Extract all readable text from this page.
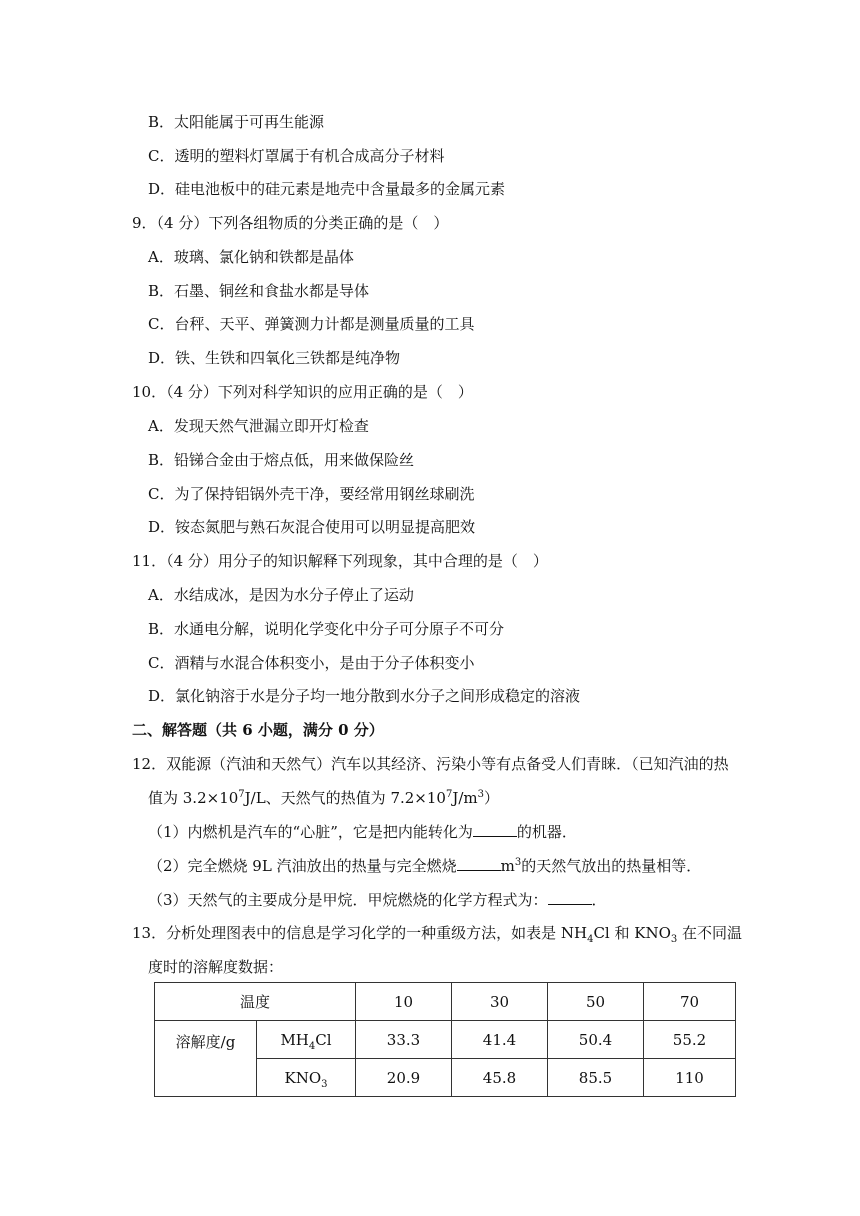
B．太阳能属于可再生能源
C．透明的塑料灯罩属于有机合成高分子材料
D．硅电池板中的硅元素是地壳中含量最多的金属元素
9．（4 分）下列各组物质的分类正确的是（　）
A．玻璃、氯化钠和铁都是晶体
B．石墨、铜丝和食盐水都是导体
C．台秤、天平、弹簧测力计都是测量质量的工具
D．铁、生铁和四氧化三铁都是纯净物
10．（4 分）下列对科学知识的应用正确的是（　）
A．发现天然气泄漏立即开灯检查
B．铅锑合金由于熔点低，用来做保险丝
C．为了保持铝锅外壳干净，要经常用钢丝球刷洗
D．铵态氮肥与熟石灰混合使用可以明显提高肥效
11．（4 分）用分子的知识解释下列现象，其中合理的是（　）
A．水结成冰，是因为水分子停止了运动
B．水通电分解，说明化学变化中分子可分原子不可分
C．酒精与水混合体积变小，是由于分子体积变小
D．氯化钠溶于水是分子均一地分散到水分子之间形成稳定的溶液
二、解答题（共 6 小题，满分 0 分）
12．双能源（汽油和天然气）汽车以其经济、污染小等有点备受人们青睐．（已知汽油的热
值为 $3.2\times 10^7J/L$、天然气的热值为 $7.2\times 10^7J/m^3$）
（1）内燃机是汽车的“心脏”，它是把内能转化为	的机器．
（2）完全燃烧 9L 汽油放出的热量与完全燃烧	$m^3$的天然气放出的热量相等．
（3）天然气的主要成分是甲烷．甲烷燃烧的化学方程式为：	．
13．分析处理图表中的信息是学习化学的一种重级方法，如表是 $NH_4Cl$ 和 $KNO_3$ 在不同温
度时的溶解度数据：
温度		10	30	50	70
溶解度/g	$MH_4Cl$	33.3	41.4	50.4	55.2
	$KNO_3$	20.9	45.8	85.5	110
